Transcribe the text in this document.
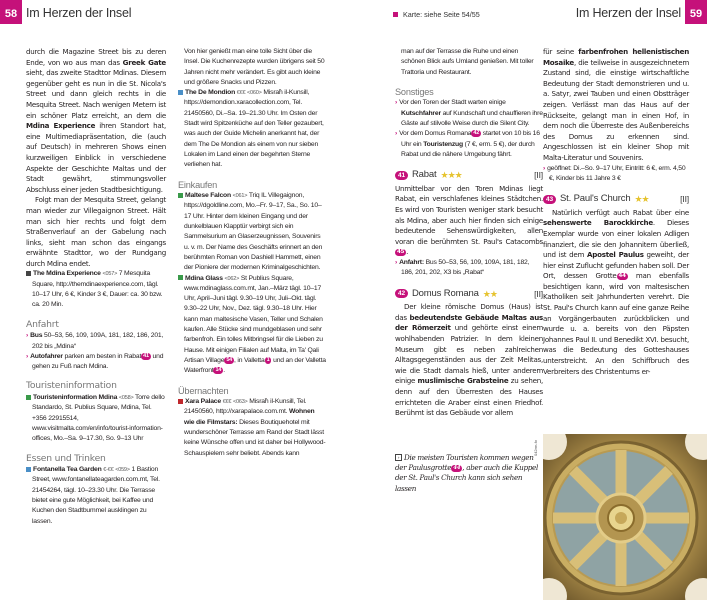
58 Im Herzen der Insel

durch die Magazine Street bis zu deren Ende, von wo aus man das Greek Gate sieht, das zweite Stadttor Mdinas. Diesem gegenüber geht es nun in die St. Nicola's Street und dann gleich rechts in die Mesquita Street. Nach wenigen Metern ist ein schöner Platz erreicht, an dem die Mdina Experience ihren Standort hat, eine Multimediapräsentation, die (auch auf Deutsch) in mehreren Shows einen kurzweiligen Einblick in verschiedene Aspekte der Geschichte Maltas und der Stadt gewährt, stimmungsvoller Abschluss einer jeden Stadtbesichtigung.

Folgt man der Mesquita Street, gelangt man wieder zur Villegaignon Street. Hält man sich hier rechts und folgt dem Straßenverlauf an der Gabelung nach links, sieht man schon das eingangs erwähnte Stadttor, wo der Rundgang durch Mdina endet.

The Mdina Experience <057> 7 Mesquita Square, http://themdinaexperience.com, tägl. 10–17 Uhr, 6 €, Kinder 3 €, Dauer: ca. 30 bzw. ca. 20 Min.

Anfahrt

› Bus 50–53, 56, 109, 109A, 181, 182, 186, 201, 202 bis „Mdina“

› Autofahrer parken am besten in Rabat 41 und gehen zu Fuß nach Mdina.

Touristeninformation

Touristeninformation Mdina <058> Torre dello Standardo, St. Publius Square, Mdina, Tel. +356 22915514, www.visitmalta.com/en/info/tourist-information-offices, Mo.–Sa. 9–17.30, So. 9–13 Uhr

Essen und Trinken

Fontanella Tea Garden €-€€ <059> 1 Bastion Street, www.fontanellateagarden.com.mt, Tel. 21454264, tägl. 10–23.30 Uhr. Die Terrasse bietet eine gute Möglichkeit, bei Kaffee und Kuchen den Stadtbummel ausklingen zu lassen.

Von hier genießt man eine tolle Sicht über die Insel. Die Kuchenrezepte wurden übrigens seit 50 Jahren nicht mehr verändert. Es gibt auch kleine und größere Snacks und Pizzen.

The De Mondion €€€ <060> Misraħ il-Kunsill, https://demondion.xaracollection.com, Tel. 21450560, Di.–Sa. 19–21.30 Uhr. Im Osten der Stadt wird Spitzenküche auf den Teller gezaubert, was auch der Guide Michelin anerkannt hat, der dem The De Mondion als einem von nur sieben Lokalen im Land einen der begehrten Sterne verliehen hat.

Einkaufen

Maltese Falcon <061> Triq IL Villegaignon, https://dgoldline.com, Mo.–Fr. 9–17, Sa., So. 10–17 Uhr. Hinter dem kleinen Eingang und der dunkelblauen Klapptür verbirgt sich ein Sammelsurium an Glaserzeugnissen, Souvenirs u. v. m. Der Name des Geschäfts erinnert an den berühmten Roman von Dashiell Hammett, einen der Pioniere der modernen Kriminalgeschichten.

Mdina Glass <062> St Publius Square, www.mdinaglass.com.mt, Jan.–März tägl. 10–17 Uhr, April–Juni tägl. 9.30–19 Uhr, Juli–Okt. tägl. 9.30–22 Uhr, Nov., Dez. tägl. 9.30–18 Uhr. Hier kann man maltesische Vasen, Teller und Schalen kaufen. Alle Stücke sind mundgeblasen und sehr farbenfroh. Ein tolles Mitbringsel für die Lieben zu Hause. Mit einigen Filialen auf Malta, im Ta' Qali Artisan Village 54 , in Valletta 1 und an der Valletta Waterfront 14 .

Übernachten

Xara Palace €€€ <063> Misraħ il-Kunsill, Tel. 21450560, http://xarapalace.com.mt. Wohnen wie die Filmstars: Dieses Boutiquehotel mit wunderschöner Terrasse am Rand der Stadt lässt keine Wünsche offen und ist daher bei Hollywood-Schauspielern sehr beliebt. Abends kann

Karte: siehe Seite 54/55	Im Herzen der Insel 59

man auf der Terrasse die Ruhe und einen schönen Blick aufs Umland genießen. Mit toller Trattoria und Restaurant.

Sonstiges

› Vor den Toren der Stadt warten einige Kutschfahrer auf Kundschaft und chauffieren ihre Gäste auf stilvolle Weise durch die Silent City.

› Vor dem Domus Romana 42 startet von 10 bis 16 Uhr ein Touristenzug (7 €, erm. 5 €), der durch Rabat und die nähere Umgebung fährt.

41 Rabat ★★★	[II]

Unmittelbar vor den Toren Mdinas liegt Rabat, ein verschlafenes kleines Städtchen. Es wird von Touristen weniger stark besucht als Mdina, aber auch hier finden sich einige bedeutende Sehenswürdigkeiten, allen voran die berühmten St. Paul's Catacombs45 .

› Anfahrt: Bus 50–53, 56, 109, 109A, 181, 182, 186, 201, 202, X3 bis „Rabat“

42 Domus Romana ★★	[II]

Der kleine römische Domus (Haus) ist das bedeutendste Gebäude Maltas aus der Römerzeit und gehörte einst einem wohlhabenden Patrizier. In dem kleinen Museum gibt es neben zahlreichen Alltagsgegenständen aus der Zeit Melitas, wie die Stadt damals hieß, unter anderem einige muslimische Grabsteine zu sehen, denn auf den Überresten des Hauses errichteten die Araber einst einen Friedhof. Berühmt ist das Gebäude vor allem

› Die meisten Touristen kommen wegen der Paulusgrotte 44 , aber auch die Kuppel der St. Paul's Church kann sich sehen lassen

für seine farbenfrohen hellenistischen Mosaike, die teilweise in ausgezeichnetem Zustand sind, die einstige wirtschaftliche Bedeutung der Stadt demonstrieren und u. a. Satyr, zwei Tauben und einen Obstträger zeigen. Verlässt man das Haus auf der Rückseite, gelangt man in einen Hof, in dem noch die Überreste des Außenbereichs des Domus zu erkennen sind. Angeschlossen ist ein kleiner Shop mit Malta-Literatur und Souvenirs.

› geöffnet: Di.–So. 9–17 Uhr, Eintritt: 6 €, erm. 4,50 €, Kinder bis 11 Jahre 3 €

43 St. Paul's Church ★★	[II]

Natürlich verfügt auch Rabat über eine sehenswerte Barockkirche. Dieses Exemplar wurde von einer lokalen Adligen finanziert, die sie den Johannitern überließ, und ist dem Apostel Paulus geweiht, der hier einst Zuflucht gefunden haben soll. Der Ort, dessen Grotte 44 man ebenfalls besichtigen kann, wird von maltesischen Katholiken seit Jahrhunderten verehrt. Die St. Paul's Church kann auf eine ganze Reihe an Vorgängerbauten zurückblicken und wurde u. a. bereits von den Päpsten Johannes Paul II. und Benedikt XVI. besucht, was die Bedeutung des Gotteshauses unterstreicht. An den Schiffbruch des Verbreiters des Christentums er-

042rm-fo
